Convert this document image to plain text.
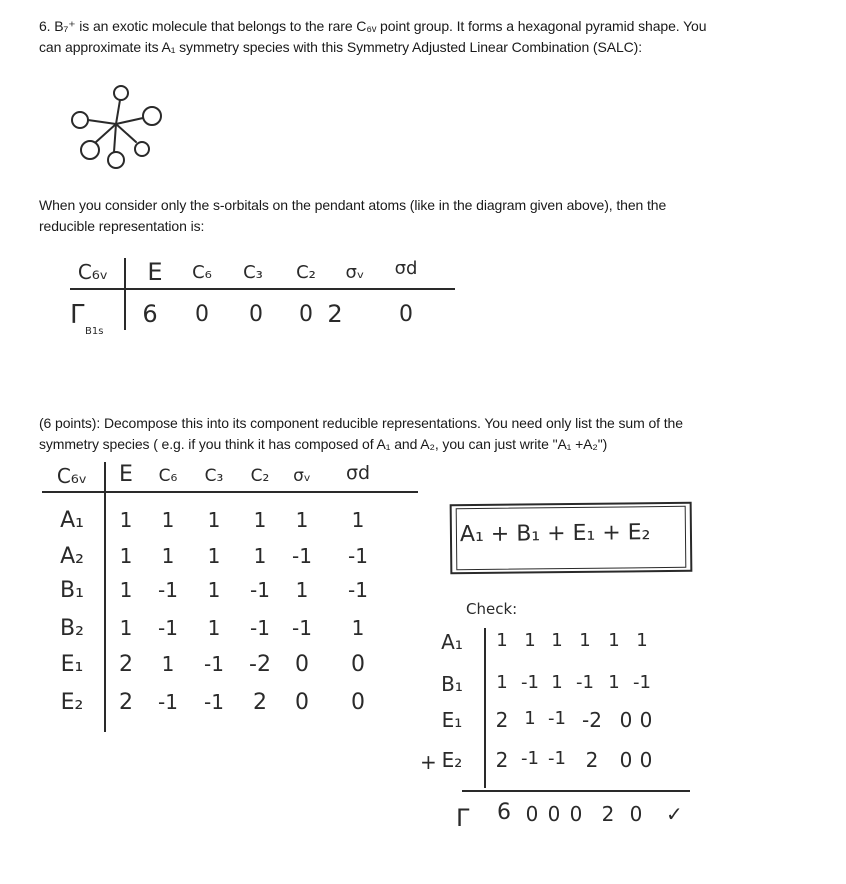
6. B₇⁺ is an exotic molecule that belongs to the rare C₆ᵥ point group. It forms a hexagonal pyramid shape. You can approximate its A₁ symmetry species with this Symmetry Adjusted Linear Combination (SALC):
When you consider only the s-orbitals on the pendant atoms (like in the diagram given above), then the reducible representation is:
C₆ᵥ E C₆ C₃ C₂ σᵥ σd
Γ
B1s
6 0 0 0 2	0
(6 points): Decompose this into its component reducible representations. You need only list the sum of the symmetry species ( e.g. if you think it has composed of A₁ and A₂, you can just write "A₁ +A₂")
C₆ᵥ E C₆ C₃ C₂ σᵥ σd
A₁ 1 1 1 1 1 1
A₂ 1 1 1 1 -1 -1
B₁ 1 -1 1 -1 1 -1
B₂ 1 -1 1 -1 -1 1
E₁ 2 1 -1 -2 0 0
E₂ 2 -1 -1 2 0 0
A₁ + B₁ + E₁ + E₂
Check:
A₁ 1 1 1 1 1 1
B₁ 1 -1 1 -1 1 -1
E₁ 2 1 -1 -2 0 0
+ E₂ 2 -1 -1 2 0 0
Γ 6 0 0 0 2 0 ✓
